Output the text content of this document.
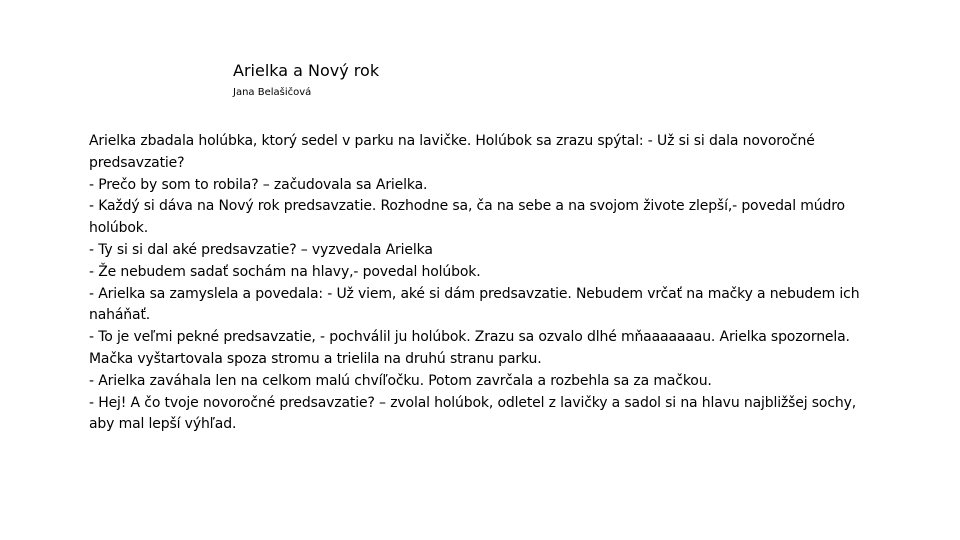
Arielka a Nový rok
Jana Belašičová

Arielka zbadala holúbka, ktorý sedel v parku na lavičke. Holúbok sa zrazu spýtal: - Už si si dala novoročné predsavzatie?

- Prečo by som to robila? – začudovala sa Arielka.

- Každý si dáva na Nový rok predsavzatie. Rozhodne sa, ča na sebe a na svojom živote zlepší,- povedal múdro holúbok.

- Ty si si dal aké predsavzatie? – vyzvedala Arielka

- Že nebudem sadať sochám na hlavy,- povedal holúbok.

- Arielka sa zamyslela a povedala: - Už viem, aké si dám predsavzatie. Nebudem vrčať na mačky a nebudem ich naháňať.

- To je veľmi pekné predsavzatie, - pochválil ju holúbok. Zrazu sa ozvalo dlhé mňaaaaaaau. Arielka spozornela. Mačka vyštartovala spoza stromu a trielila na druhú stranu parku.

- Arielka zaváhala len na celkom malú chvíľočku. Potom zavrčala a rozbehla sa za mačkou.

- Hej! A čo tvoje novoročné predsavzatie? – zvolal holúbok, odletel z lavičky a sadol si na hlavu najbližšej sochy, aby mal lepší výhľad.
